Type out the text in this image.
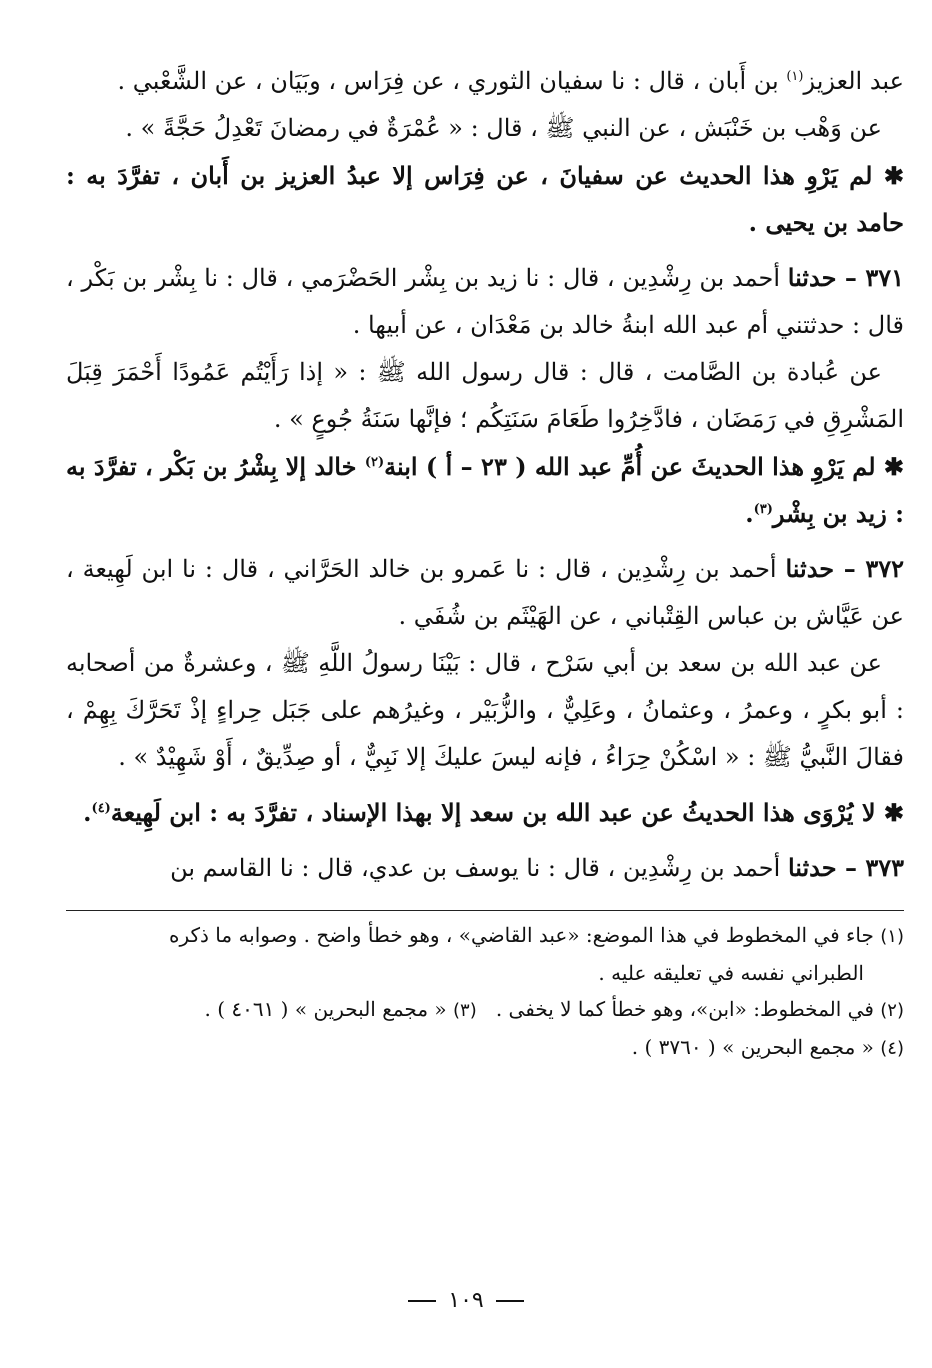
عبد العزيز$^{(١)}$ بن أَبان ، قال : نا سفيان الثوري ، عن فِرَاس ، وبَيَان ، عن الشَّعْبي .

عن وَهْب بن خَنْبَش ، عن النبي ﷺ ، قال : « عُمْرَةٌ في رمضانَ تَعْدِلُ حَجَّةً » .

✱ لم يَرْوِ هذا الحديث عن سفيانَ ، عن فِرَاس إلا عبدُ العزيز بن أَبان ، تفرَّدَ به : حامد بن يحيى .

٣٧١ – حدثنا أحمد بن رِشْدِين ، قال : نا زيد بن بِشْر الحَضْرَمي ، قال : نا بِشْر بن بَكْر ، قال : حدثتني أم عبد الله ابنةُ خالد بن مَعْدَان ، عن أبيها .

عن عُبادة بن الصَّامت ، قال : قال رسول الله ﷺ : « إذا رَأَيْتُم عَمُودًا أَحْمَرَ قِبَلَ المَشْرِقِ في رَمَضَان ، فادَّخِرُوا طَعَامَ سَنَتِكُم ؛ فإنَّها سَنَةُ جُوعٍ » .

✱ لم يَرْوِ هذا الحديثَ عن أُمِّ عبد الله ( ٢٣ – أ ) ابنة$^{(٢)}$ خالد إلا بِشْرُ بن بَكْر ، تفرَّدَ به : زيد بن بِشْر$^{(٣)}$.

٣٧٢ – حدثنا أحمد بن رِشْدِين ، قال : نا عَمرو بن خالد الحَرَّاني ، قال : نا ابن لَهِيعة ، عن عَيَّاش بن عباس القِتْباني ، عن الهَيْثَم بن شُفَي .

عن عبد الله بن سعد بن أبي سَرْح ، قال : بَيْنَا رسولُ اللَّهِ ﷺ ، وعشرةٌ من أصحابه : أبو بكرٍ ، وعمرُ ، وعثمانُ ، وعَلِيٌّ ، والزُّبَيْر ، وغيرُهم على جَبَل حِراءٍ إذْ تَحَرَّكَ بِهِمْ ، فقالَ النَّبيُّ ﷺ : « اسْكُنْ حِرَاءُ ، فإنه ليسَ عليكَ إلا نَبِيٌّ ، أو صِدِّيقٌ ، أَوْ شَهِيْدٌ » .

✱ لا يُرْوَى هذا الحديثُ عن عبد الله بن سعد إلا بهذا الإسناد ، تفرَّدَ به : ابن لَهِيعة$^{(٤)}$.

٣٧٣ – حدثنا أحمد بن رِشْدِين ، قال : نا يوسف بن عدي، قال : نا القاسم بن

(١) جاء في المخطوط في هذا الموضع: «عبد القاضي» ، وهو خطأ واضح . وصوابه ما ذكره

الطبراني نفسه في تعليقه عليه .

(٢) في المخطوط: «ابن»، وهو خطأ كما لا يخفى .   (٣) « مجمع البحرين » ( ٤٠٦١ ) .

(٤) « مجمع البحرين » ( ٣٧٦٠ ) .

١٠٩
